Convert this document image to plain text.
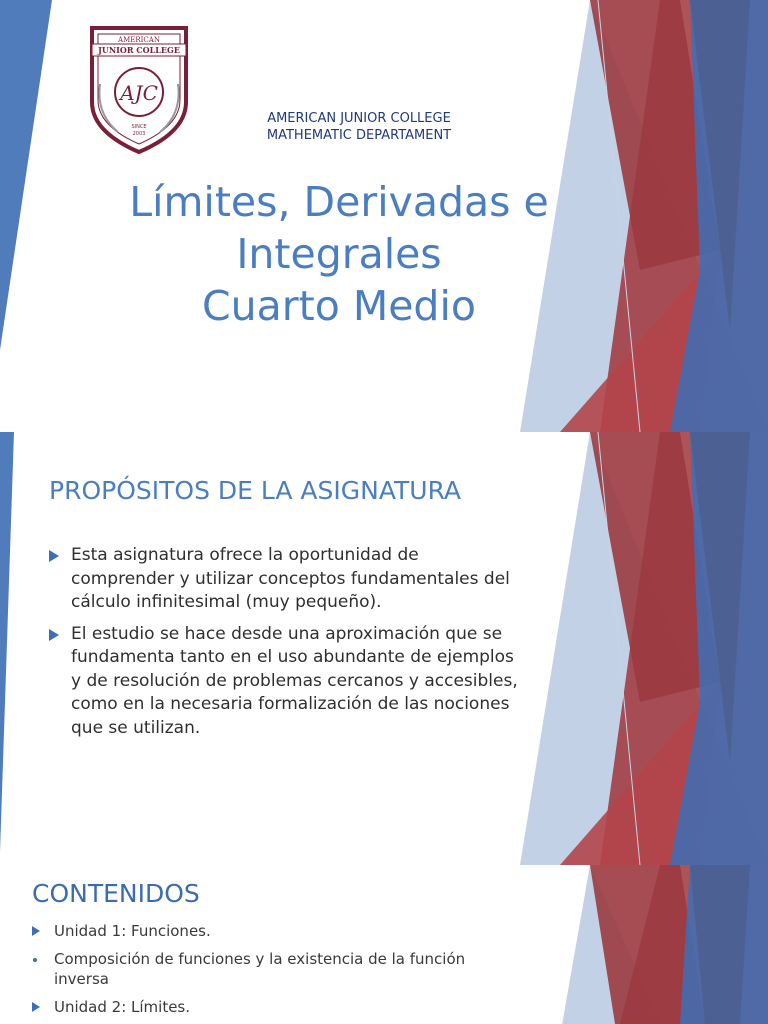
AMERICAN
JUNIOR COLLEGE
AJC
SINCE
2003
AMERICAN JUNIOR COLLEGE
MATHEMATIC DEPARTAMENT
Límites, Derivadas e
Integrales
Cuarto Medio
PROPÓSITOS DE LA ASIGNATURA
Esta asignatura ofrece la oportunidad de
comprender y utilizar conceptos fundamentales del
cálculo infinitesimal (muy pequeño).
El estudio se hace desde una aproximación que se
fundamenta tanto en el uso abundante de ejemplos
y de resolución de problemas cercanos y accesibles,
como en la necesaria formalización de las nociones
que se utilizan.
CONTENIDOS
Unidad 1: Funciones.
Composición de funciones y la existencia de la función
inversa
Unidad 2: Límites.
